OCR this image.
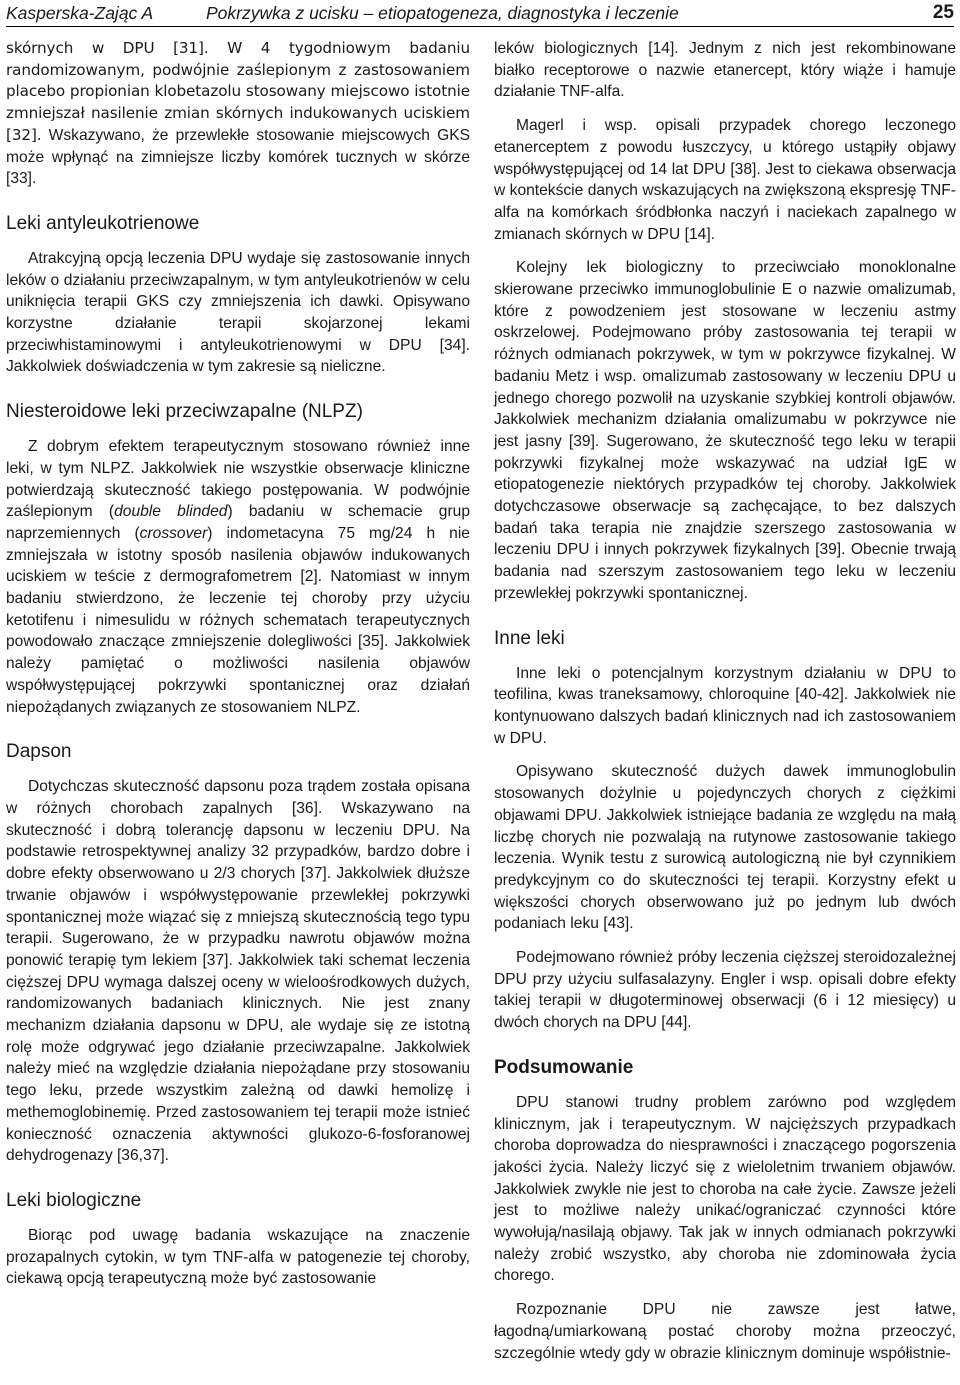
Kasperska-Zając A	Pokrzywka z ucisku – etiopatogeneza, diagnostyka i leczenie	25

skórnych w DPU [31]. W 4 tygodniowym badaniu randomizowanym, podwójnie zaślepionym z zastosowaniem placebo propionian klobetazolu stosowany miejscowo istotnie zmniejszał nasilenie zmian skórnych indukowanych uciskiem [32]. Wskazywano, że przewlekłe stosowanie miejscowych GKS może wpłynąć na zimniejsze liczby komórek tucznych w skórze [33].

Leki antyleukotrienowe

Atrakcyjną opcją leczenia DPU wydaje się zastosowanie innych leków o działaniu przeciwzapalnym, w tym antyleukotrienów w celu uniknięcia terapii GKS czy zmniejszenia ich dawki. Opisywano korzystne działanie terapii skojarzonej lekami przeciwhistaminowymi i antyleukotrienowymi w DPU [34]. Jakkolwiek doświadczenia w tym zakresie są nieliczne.

Niesteroidowe leki przeciwzapalne (NLPZ)

Z dobrym efektem terapeutycznym stosowano również inne leki, w tym NLPZ. Jakkolwiek nie wszystkie obserwacje kliniczne potwierdzają skuteczność takiego postępowania. W podwójnie zaślepionym (double blinded) badaniu w schemacie grup naprzemiennych (crossover) indometacyna 75 mg/24 h nie zmniejszała w istotny sposób nasilenia objawów indukowanych uciskiem w teście z dermografometrem [2]. Natomiast w innym badaniu stwierdzono, że leczenie tej choroby przy użyciu ketotifenu i nimesulidu w różnych schematach terapeutycznych powodowało znaczące zmniejszenie dolegliwości [35]. Jakkolwiek należy pamiętać o możliwości nasilenia objawów współwystępującej pokrzywki spontanicznej oraz działań niepożądanych związanych ze stosowaniem NLPZ.

Dapson

Dotychczas skuteczność dapsonu poza trądem została opisana w różnych chorobach zapalnych [36]. Wskazywano na skuteczność i dobrą tolerancję dapsonu w leczeniu DPU. Na podstawie retrospektywnej analizy 32 przypadków, bardzo dobre i dobre efekty obserwowano u 2/3 chorych [37]. Jakkolwiek dłuższe trwanie objawów i współwystępowanie przewlekłej pokrzywki spontanicznej może wiązać się z mniejszą skutecznością tego typu terapii. Sugerowano, że w przypadku nawrotu objawów można ponowić terapię tym lekiem [37]. Jakkolwiek taki schemat leczenia cięższej DPU wymaga dalszej oceny w wieloośrodkowych dużych, randomizowanych badaniach klinicznych. Nie jest znany mechanizm działania dapsonu w DPU, ale wydaje się ze istotną rolę może odgrywać jego działanie przeciwzapalne. Jakkolwiek należy mieć na względzie działania niepożądane przy stosowaniu tego leku, przede wszystkim zależną od dawki hemolizę i methemoglobinemię. Przed zastosowaniem tej terapii może istnieć konieczność oznaczenia aktywności glukozo-6-fosforanowej dehydrogenazy [36,37].

Leki biologiczne

Biorąc pod uwagę badania wskazujące na znaczenie prozapalnych cytokin, w tym TNF-alfa w patogenezie tej choroby, ciekawą opcją terapeutyczną może być zastosowanie

leków biologicznych [14]. Jednym z nich jest rekombinowane białko receptorowe o nazwie etanercept, który wiąże i hamuje działanie TNF-alfa.

Magerl i wsp. opisali przypadek chorego leczonego etanerceptem z powodu łuszczycy, u którego ustąpiły objawy współwystępującej od 14 lat DPU [38]. Jest to ciekawa obserwacja w kontekście danych wskazujących na zwiększoną ekspresję TNF-alfa na komórkach śródbłonka naczyń i naciekach zapalnego w zmianach skórnych w DPU [14].

Kolejny lek biologiczny to przeciwciało monoklonalne skierowane przeciwko immunoglobulinie E o nazwie omalizumab, które z powodzeniem jest stosowane w leczeniu astmy oskrzelowej. Podejmowano próby zastosowania tej terapii w różnych odmianach pokrzywek, w tym w pokrzywce fizykalnej. W badaniu Metz i wsp. omalizumab zastosowany w leczeniu DPU u jednego chorego pozwolił na uzyskanie szybkiej kontroli objawów. Jakkolwiek mechanizm działania omalizumabu w pokrzywce nie jest jasny [39]. Sugerowano, że skuteczność tego leku w terapii pokrzywki fizykalnej może wskazywać na udział IgE w etiopatogenezie niektórych przypadków tej choroby. Jakkolwiek dotychczasowe obserwacje są zachęcające, to bez dalszych badań taka terapia nie znajdzie szerszego zastosowania w leczeniu DPU i innych pokrzywek fizykalnych [39]. Obecnie trwają badania nad szerszym zastosowaniem tego leku w leczeniu przewlekłej pokrzywki spontanicznej.

Inne leki

Inne leki o potencjalnym korzystnym działaniu w DPU to teofilina, kwas traneksamowy, chloroquine [40-42]. Jakkolwiek nie kontynuowano dalszych badań klinicznych nad ich zastosowaniem w DPU.

Opisywano skuteczność dużych dawek immunoglobulin stosowanych dożylnie u pojedynczych chorych z ciężkimi objawami DPU. Jakkolwiek istniejące badania ze względu na małą liczbę chorych nie pozwalają na rutynowe zastosowanie takiego leczenia. Wynik testu z surowicą autologiczną nie był czynnikiem predykcyjnym co do skuteczności tej terapii. Korzystny efekt u większości chorych obserwowano już po jednym lub dwóch podaniach leku [43].

Podejmowano również próby leczenia cięższej steroidozależnej DPU przy użyciu sulfasalazyny. Engler i wsp. opisali dobre efekty takiej terapii w długoterminowej obserwacji (6 i 12 miesięcy) u dwóch chorych na DPU [44].

Podsumowanie

DPU stanowi trudny problem zarówno pod względem klinicznym, jak i terapeutycznym. W najcięższych przypadkach choroba doprowadza do niesprawności i znaczącego pogorszenia jakości życia. Należy liczyć się z wieloletnim trwaniem objawów. Jakkolwiek zwykle nie jest to choroba na całe życie. Zawsze jeżeli jest to możliwe należy unikać/ograniczać czynności które wywołują/nasilają objawy. Tak jak w innych odmianach pokrzywki należy zrobić wszystko, aby choroba nie zdominowała życia chorego.

Rozpoznanie DPU nie zawsze jest łatwe, łagodną/umiarkowaną postać choroby można przeoczyć, szczególnie wtedy gdy w obrazie klinicznym dominuje współistnie-
